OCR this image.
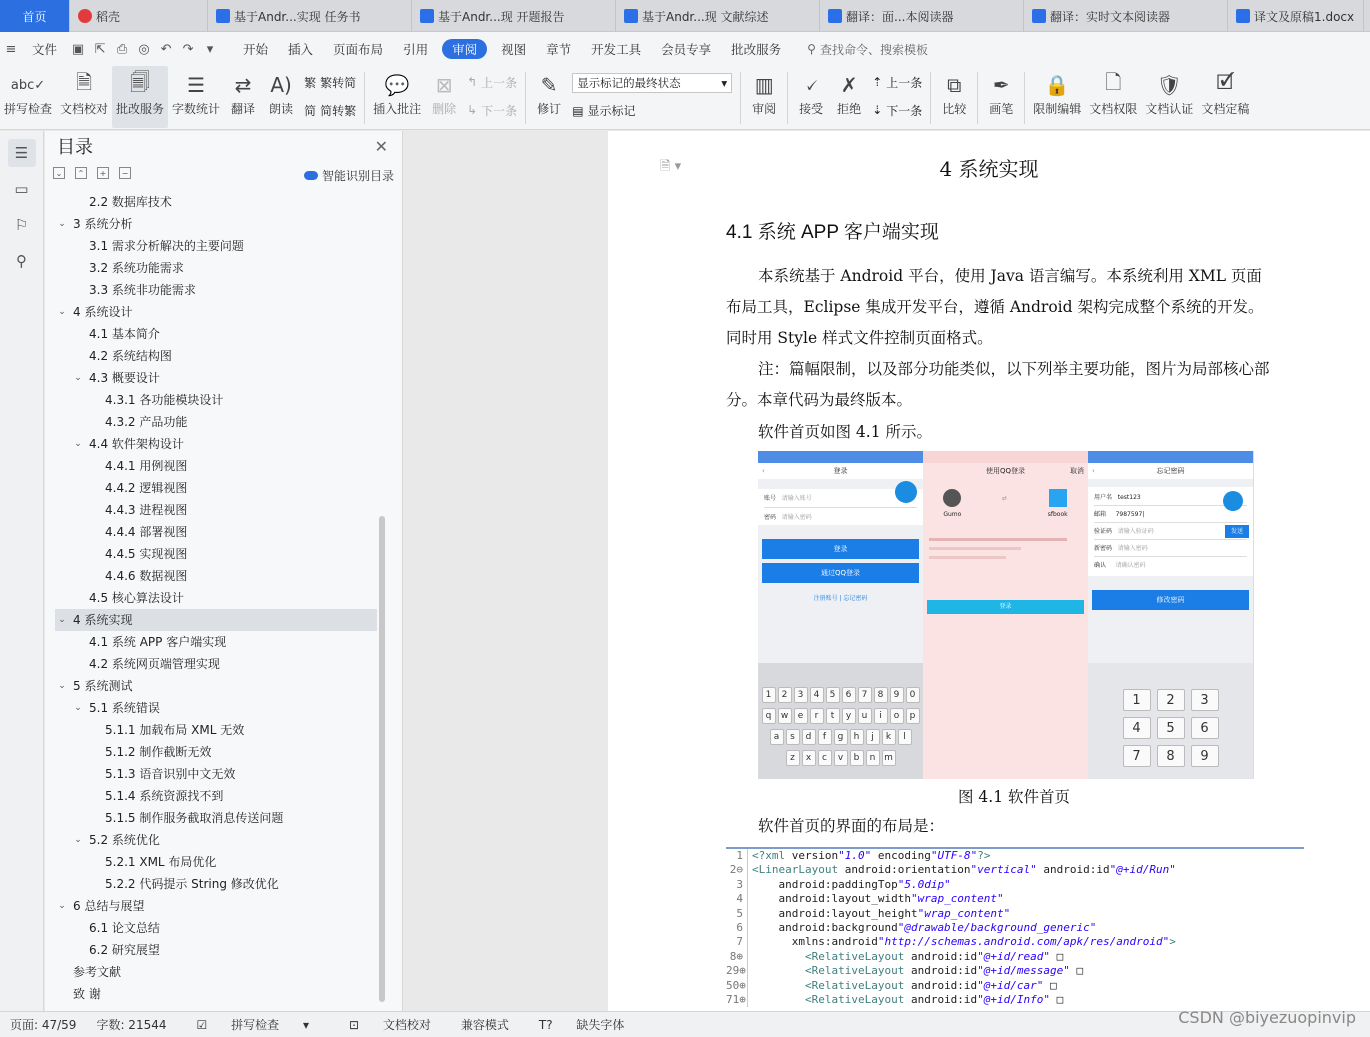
首页	稻壳	基于Andr...实现 任务书	基于Andr...现 开题报告	基于Andr...现 文献综述	翻译：面...本阅读器	翻译：实时文本阅读器	译文及原稿1.docx
≡	文件	▣ ⇱ ⎙ ◎ ↶ ↷	▾	开始	插入	页面布局	引用	审阅	视图	章节	开发工具	会员专享	批改服务	⚲ 查找命令、搜索模板
abc✓
拼写检查
🗎
文档校对
🗐
批改服务
☰
字数统计
⇄
翻译
A)
朗读
繁 繁转简
简 简转繁
💬
插入批注
⊠
删除
↰ 上一条
↳ 下一条
✎
修订
显示标记的最终状态	▾
▤ 显示标记
▥
审阅
🗸
接受
✗
拒绝
⇡ 上一条
⇣ 下一条
⧉
比较
✒
画笔
🔒
限制编辑
🗋
文档权限
🛡
文档认证
🗹
文档定稿
☰
▭
⚐
⚲
目录	✕
⌄	⌃	+	−	智能识别目录
2.2 数据库技术
⌄ 3 系统分析
3.1 需求分析解决的主要问题
3.2 系统功能需求
3.3 系统非功能需求
⌄ 4 系统设计
4.1 基本简介
4.2 系统结构图
⌄ 4.3 概要设计
4.3.1 各功能模块设计
4.3.2 产品功能
⌄ 4.4 软件架构设计
4.4.1 用例视图
4.4.2 逻辑视图
4.4.3 进程视图
4.4.4 部署视图
4.4.5 实现视图
4.4.6 数据视图
4.5 核心算法设计
⌄ 4 系统实现
4.1 系统 APP 客户端实现
4.2 系统网页端管理实现
⌄ 5 系统测试
⌄ 5.1 系统错误
5.1.1 加载布局 XML 无效
5.1.2 制作截断无效
5.1.3 语音识别中文无效
5.1.4 系统资源找不到
5.1.5 制作服务截取消息传送问题
⌄ 5.2 系统优化
5.2.1 XML 布局优化
5.2.2 代码提示 String 修改优化
⌄ 6 总结与展望
6.1 论文总结
6.2 研究展望
参考文献
致 谢
🗎 ▾	4 系统实现
4.1 系统 APP 客户端实现
本系统基于 Android 平台，使用 Java 语言编写。本系统利用 XML 页面布局工具，Eclipse 集成开发平台，遵循 Android 架构完成整个系统的开发。同时用 Style 样式文件控制页面格式。
注：篇幅限制，以及部分功能类似，以下列举主要功能，图片为局部核心部分。本章代码为最终版本。
软件首页如图 4.1 所示。
‹	登录
账号 请输入账号
密码 请输入密码
登录
通过QQ登录
注册账号 | 忘记密码
1	2	3	4	5	6	7	8	9	0
q	w	e	r	t	y	u	i	o	p
a	s	d	f	g	h	j	k	l
z	x	c	v	b	n m
使用QQ登录	取消
Gumo
⇄
sfbook
登录
‹	忘记密码
用户名 test123
邮箱 7987597|
验证码 请输入验证码	发送
新密码 请输入密码
确认 请确认密码
修改密码
1	2	3
4	5	6
7	8	9
图 4.1 软件首页
软件首页的界面的布局是：
1 <?xml version"1.0" encoding"UTF-8"?>
2⊖ <LinearLayout android:orientation"vertical" android:id"@+id/Run"
3 android:paddingTop"5.0dip"
4 android:layout_width"wrap_content"
5 android:layout_height"wrap_content"
6 android:background"@drawable/background_generic"
7 xmlns:android"http://schemas.android.com/apk/res/android">
8⊕	<RelativeLayout android:id"@+id/read" □
29⊕	<RelativeLayout android:id"@+id/message" □
50⊕	<RelativeLayout android:id"@+id/car" □
71⊕	<RelativeLayout android:id"@+id/Info" □
页面: 47/59	字数: 21544	☑ 拼写检查 ▾	⊡ 文档校对	兼容模式	T? 缺失字体	CSDN @biyezuopinvip
